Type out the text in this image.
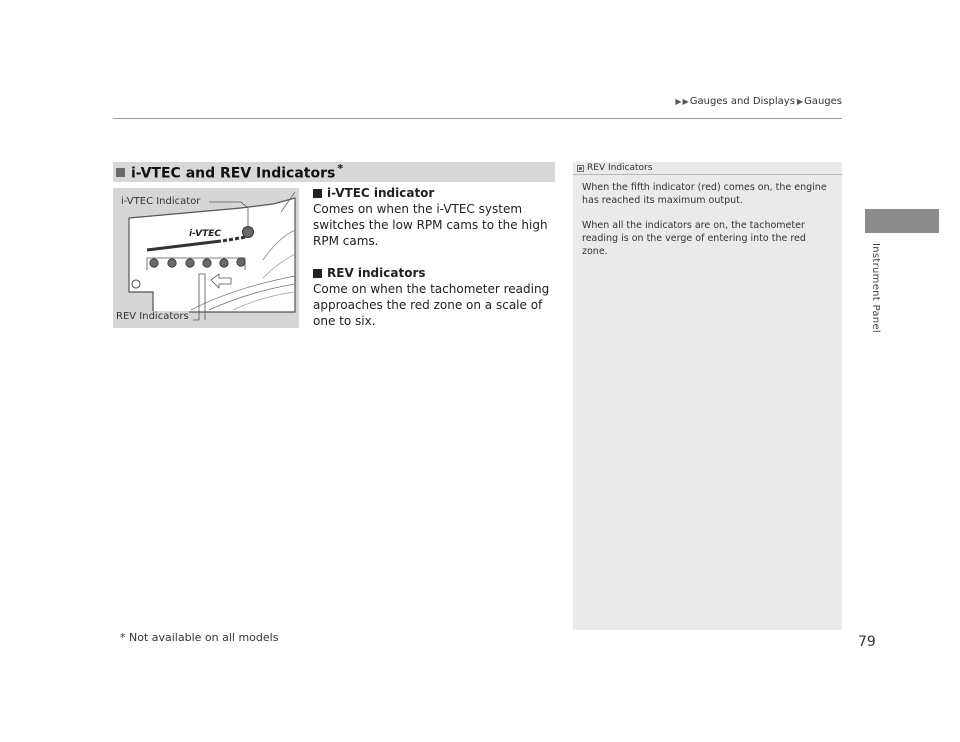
▶ ▶ Gauges and Displays ▶ Gauges
Instrument Panel
i-VTEC and REV Indicators *
i-VTEC
i-VTEC Indicator
REV Indicators
i-VTEC indicator

Comes on when the i-VTEC system switches the low RPM cams to the high RPM cams.

REV indicators

Come on when the tachometer reading approaches the red zone on a scale of one to six.

REV Indicators

When the fifth indicator (red) comes on, the engine has reached its maximum output.

When all the indicators are on, the tachometer reading is on the verge of entering into the red zone.

* Not available on all models	79
